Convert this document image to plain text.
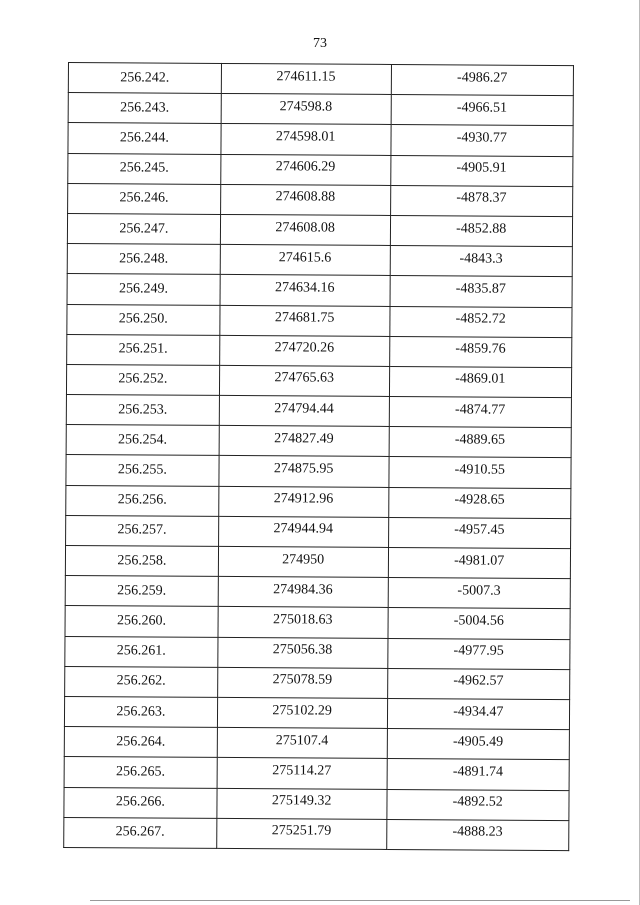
73
256.242.	274611.15	-4986.27
256.243.	274598.8	-4966.51
256.244.	274598.01	-4930.77
256.245.	274606.29	-4905.91
256.246.	274608.88	-4878.37
256.247.	274608.08	-4852.88
256.248.	274615.6	-4843.3
256.249.	274634.16	-4835.87
256.250.	274681.75	-4852.72
256.251.	274720.26	-4859.76
256.252.	274765.63	-4869.01
256.253.	274794.44	-4874.77
256.254.	274827.49	-4889.65
256.255.	274875.95	-4910.55
256.256.	274912.96	-4928.65
256.257.	274944.94	-4957.45
256.258.	274950	-4981.07
256.259.	274984.36	-5007.3
256.260.	275018.63	-5004.56
256.261.	275056.38	-4977.95
256.262.	275078.59	-4962.57
256.263.	275102.29	-4934.47
256.264.	275107.4	-4905.49
256.265.	275114.27	-4891.74
256.266.	275149.32	-4892.52
256.267.	275251.79	-4888.23
